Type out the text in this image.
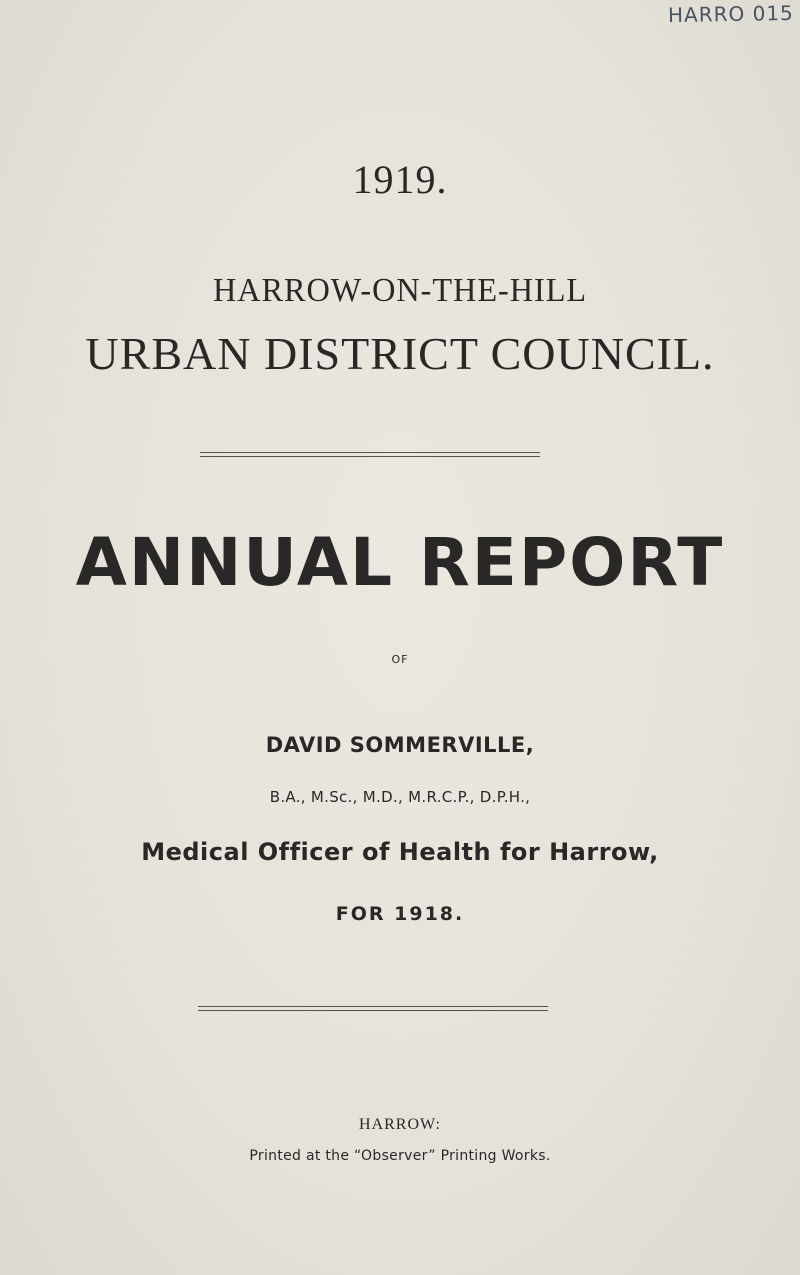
HARRO 015
1919.
HARROW-ON-THE-HILL
URBAN DISTRICT COUNCIL.
ANNUAL REPORT
OF
DAVID SOMMERVILLE,
B.A., M.Sc., M.D., M.R.C.P., D.P.H.,
Medical Officer of Health for Harrow,
FOR 1918.
HARROW:
Printed at the “Observer” Printing Works.
